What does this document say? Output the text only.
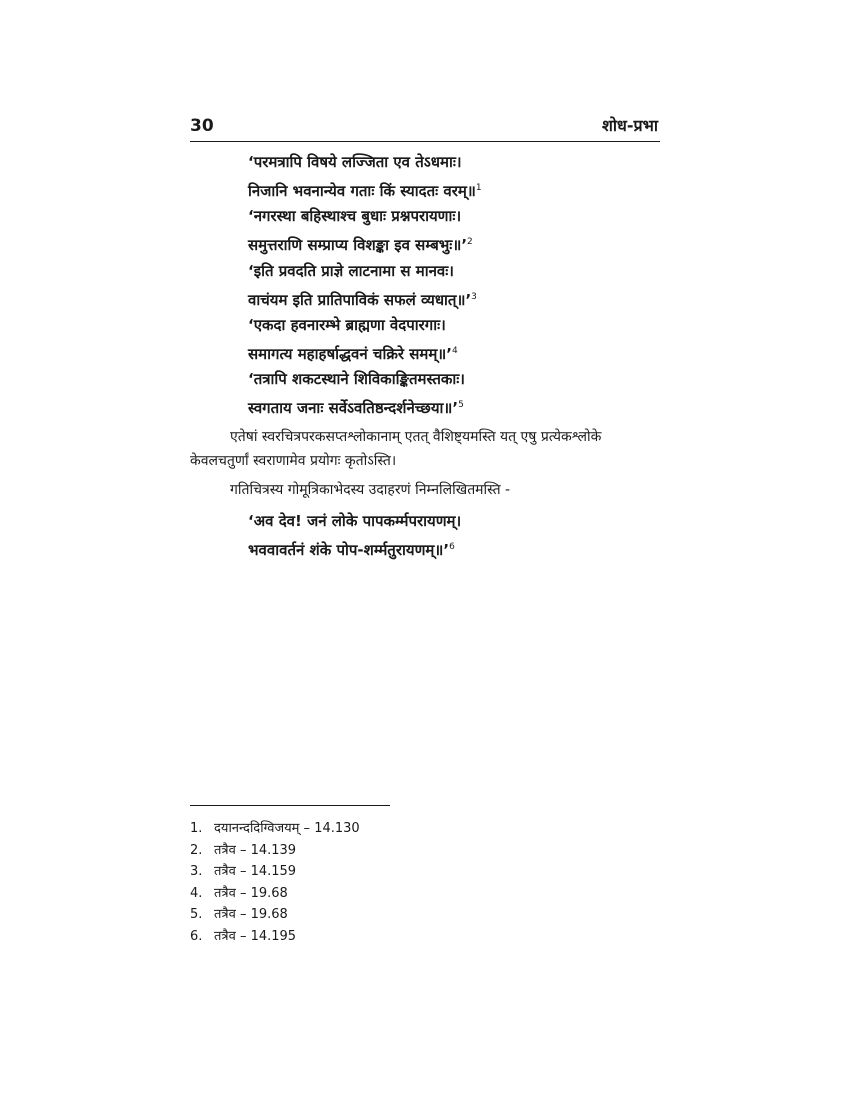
30	शोध-प्रभा
‘परमत्रापि विषये लज्जिता एव तेऽधमाः।
निजानि भवनान्येव गताः किं स्यादतः वरम्॥$^1$
‘नगरस्था बहिस्थाश्च बुधाः प्रश्नपरायणाः।
समुत्तराणि सम्प्राप्य विशङ्का इव सम्बभुः॥’$^2$
‘इति प्रवदति प्राज्ञे लाटनामा स मानवः।
वाचंयम इति प्रातिपाविकं सफलं व्यधात्॥’$^3$
‘एकदा हवनारम्भे ब्राह्मणा वेदपारगाः।
समागत्य महाहर्षाद्धवनं चक्रिरे समम्॥’$^4$
‘तत्रापि शकटस्थाने शिविकाङ्कितमस्तकाः।
स्वगताय जनाः सर्वेऽवतिष्ठन्दर्शनेच्छया॥’$^5$
एतेषां स्वरचित्रपरकसप्तश्लोकानाम् एतत् वैशिष्ट्यमस्ति यत् एषु प्रत्येकश्लोके
केवलचतुर्णां स्वराणामेव प्रयोगः कृतोऽस्ति।
गतिचित्रस्य गोमूत्रिकाभेदस्य उदाहरणं निम्नलिखितमस्ति -
‘अव देव! जनं लोके पापकर्म्मपरायणम्।
भववावर्तनं शंके पोप-शर्म्मतुरायणम्॥’$^6$
1. दयानन्ददिग्विजयम् – 14.130
2. तत्रैव – 14.139
3. तत्रैव – 14.159
4. तत्रैव – 19.68
5. तत्रैव – 19.68
6. तत्रैव – 14.195
